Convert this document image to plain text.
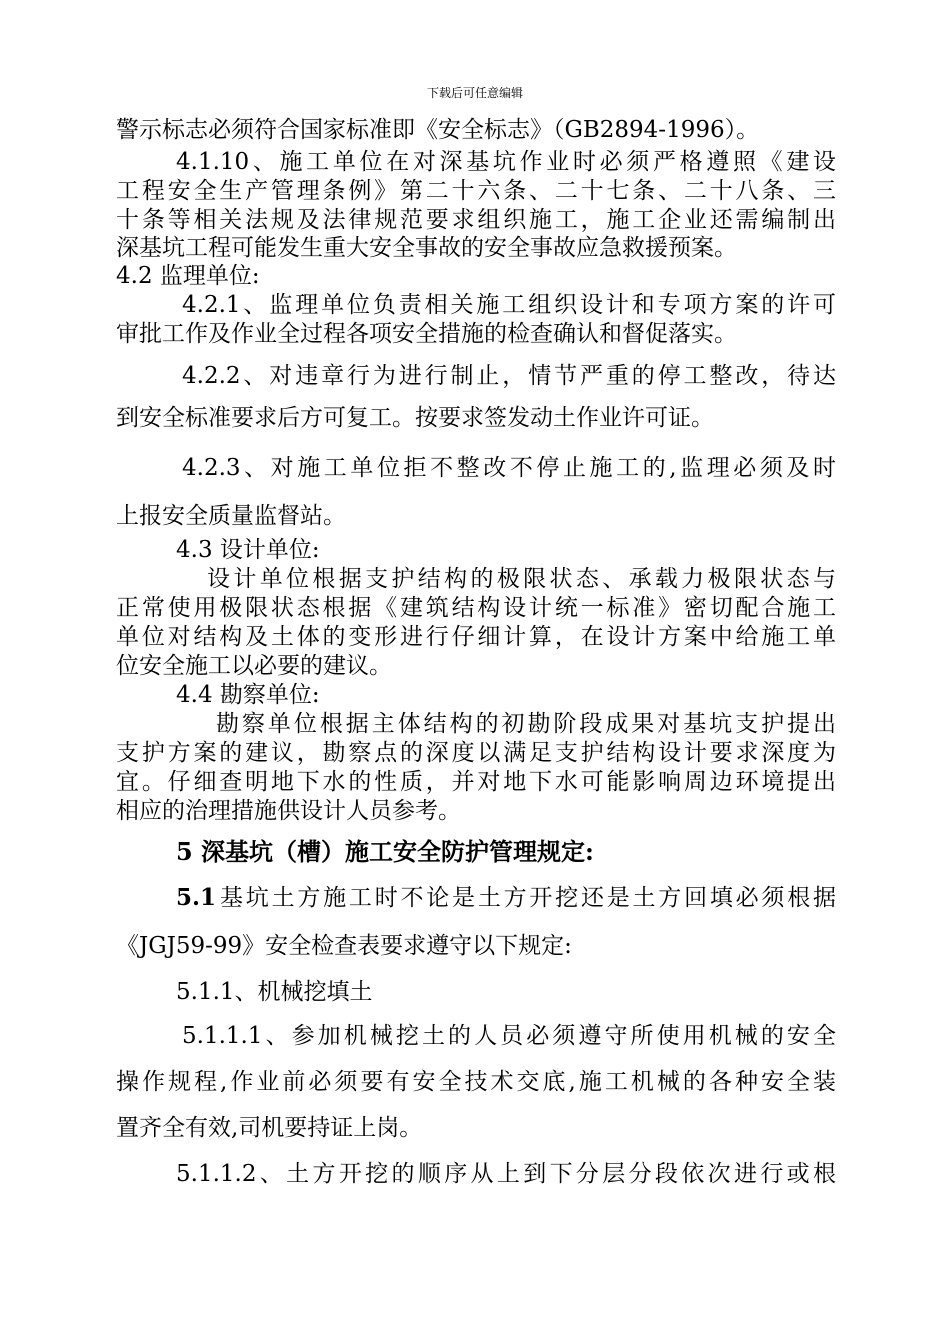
下载后可任意编辑
警示标志必须符合国家标准即《安全标志》（GB2894-1996）。
4.1.10、施工单位在对深基坑作业时必须严格遵照《建设
工程安全生产管理条例》第二十六条、二十七条、二十八条、三
十条等相关法规及法律规范要求组织施工，施工企业还需编制出
深基坑工程可能发生重大安全事故的安全事故应急救援预案。
4.2 监理单位:
4.2.1、监理单位负责相关施工组织设计和专项方案的许可
审批工作及作业全过程各项安全措施的检查确认和督促落实。
4.2.2、对违章行为进行制止，情节严重的停工整改，待达
到安全标准要求后方可复工。按要求签发动土作业许可证。
4.2.3、对施工单位拒不整改不停止施工的,监理必须及时
上报安全质量监督站。
4.3 设计单位:
设计单位根据支护结构的极限状态、承载力极限状态与
正常使用极限状态根据《建筑结构设计统一标准》密切配合施工
单位对结构及土体的变形进行仔细计算，在设计方案中给施工单
位安全施工以必要的建议。
4.4 勘察单位:
勘察单位根据主体结构的初勘阶段成果对基坑支护提出
支护方案的建议，勘察点的深度以满足支护结构设计要求深度为
宜。仔细查明地下水的性质，并对地下水可能影响周边环境提出
相应的治理措施供设计人员参考。
5 深基坑（槽）施工安全防护管理规定:
5.1 基坑土方施工时不论是土方开挖还是土方回填必须根据
《JGJ59-99》安全检查表要求遵守以下规定:
5.1.1、机械挖填土
5.1.1.1、参加机械挖土的人员必须遵守所使用机械的安全
操作规程,作业前必须要有安全技术交底,施工机械的各种安全装
置齐全有效,司机要持证上岗。
5.1.1.2、土方开挖的顺序从上到下分层分段依次进行或根
